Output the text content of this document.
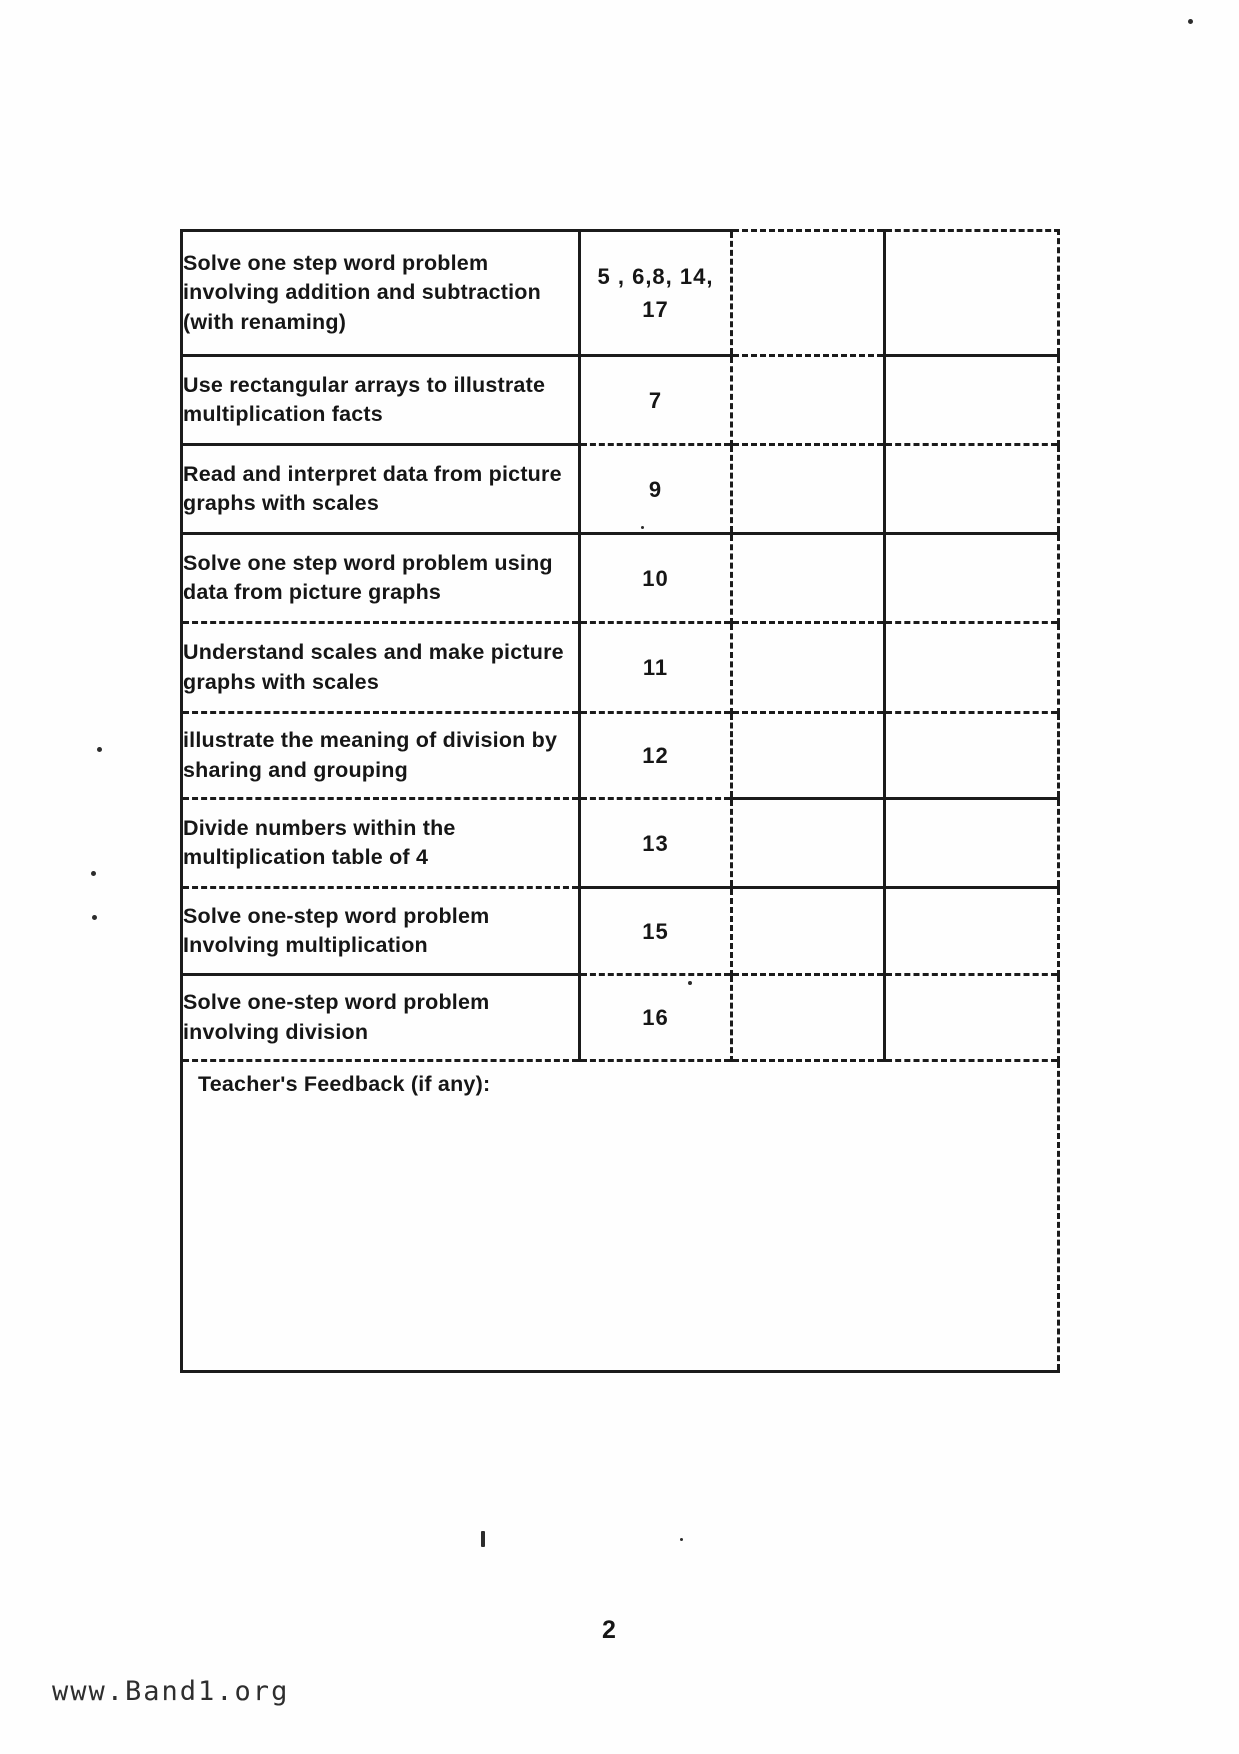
Solve one step word problem involving addition and subtraction (with renaming)	5 , 6,8, 14, 17		
Use rectangular arrays to illustrate multiplication facts	7		
Read and interpret data from picture graphs with scales	9		
Solve one step word problem using data from picture graphs	10		
Understand scales and make picture graphs with scales	11		
illustrate the meaning of division by sharing and grouping	12		
Divide numbers within the multiplication table of 4	13		
Solve one-step word problem Involving multiplication	15		
Solve one-step word problem involving division	16		
Teacher's Feedback (if any):			
2
www.Band1.org
